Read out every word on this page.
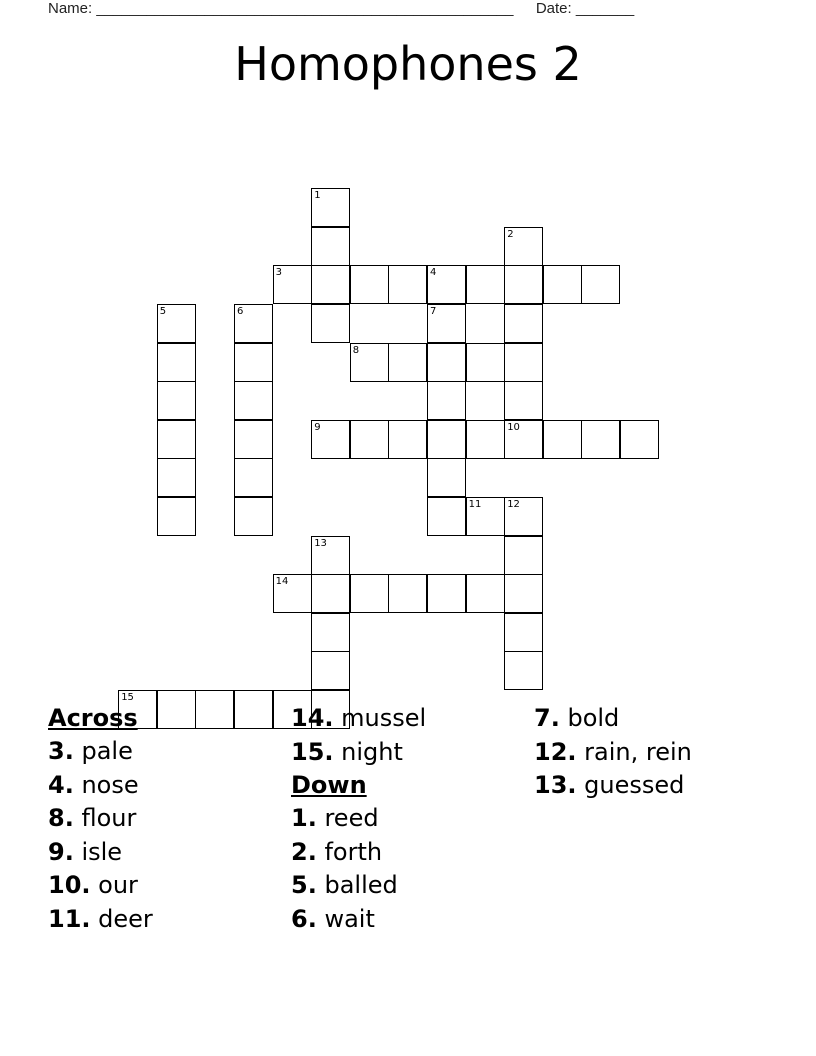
Name: __________________________________________________ Date: _______
Homophones 2
1
2
3	4
5	6	7
8
9	10
11	12
13
14
15
Across
3. pale
4. nose
8. flour
9. isle
10. our
11. deer
14. mussel
15. night
Down
1. reed
2. forth
5. balled
6. wait
7. bold
12. rain, rein
13. guessed
